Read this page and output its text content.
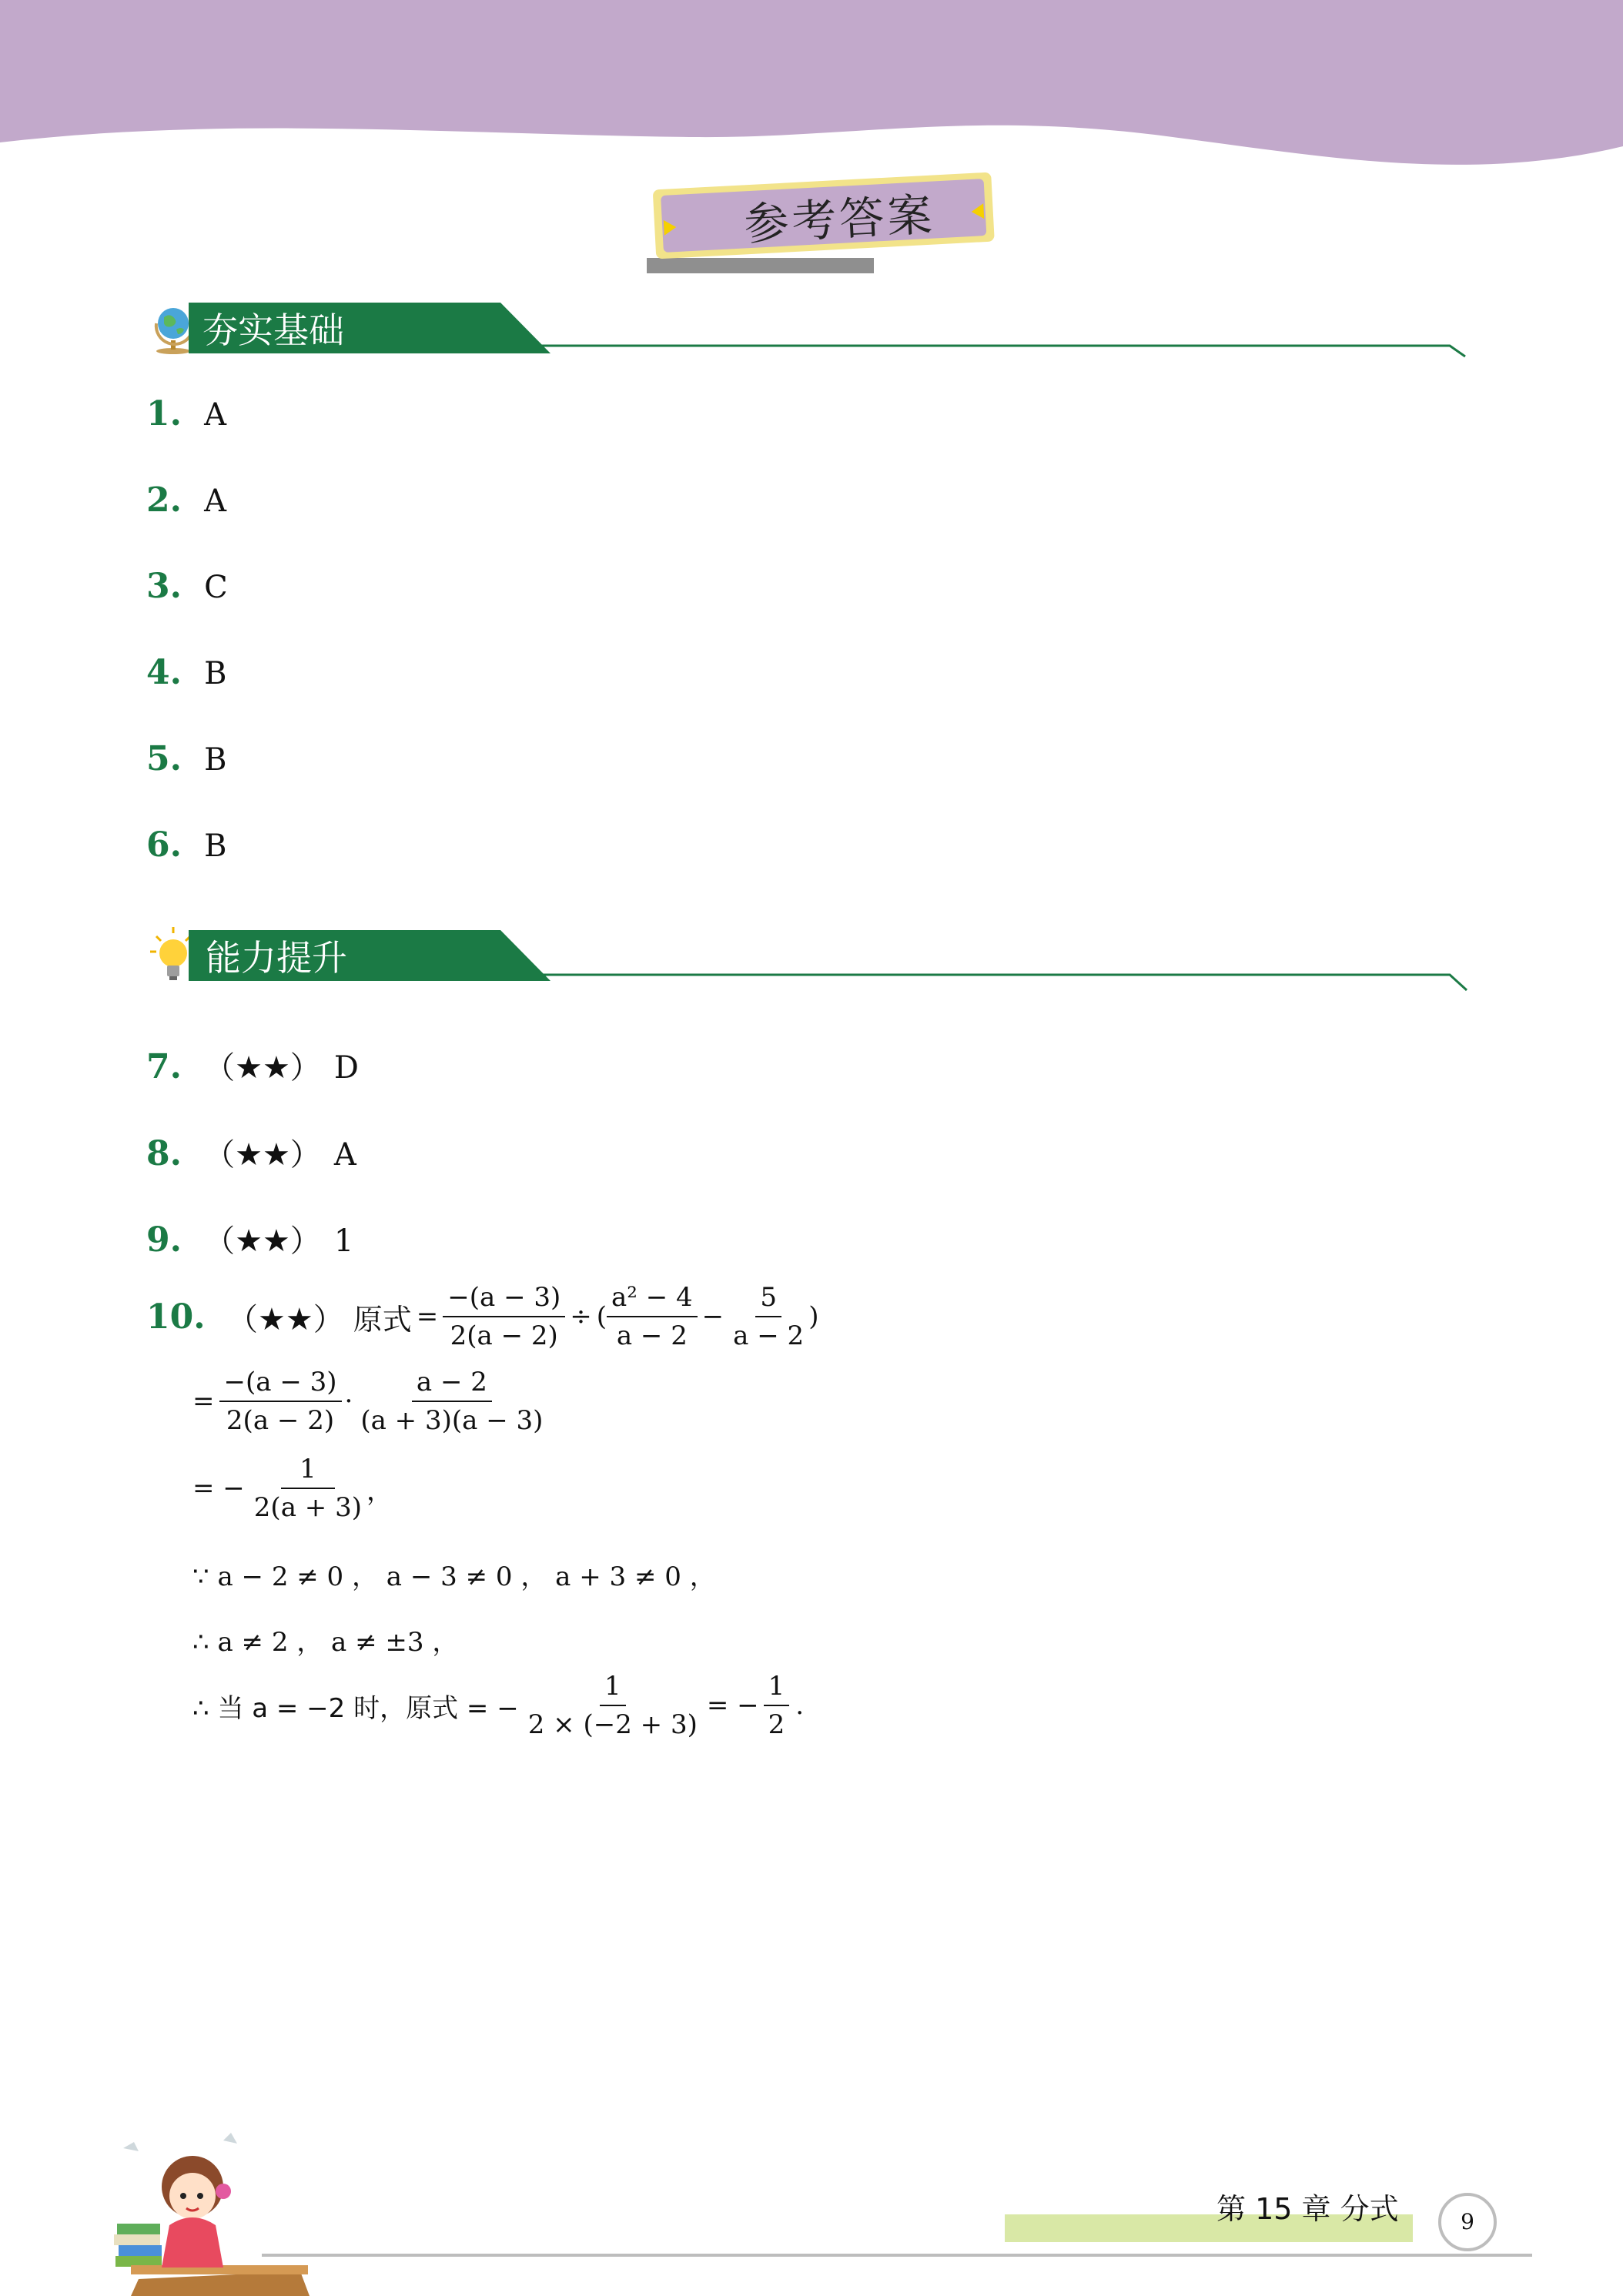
参考答案
夯实基础
1. A
2. A
3. C
4. B
5. B
6. B
能力提升
7. （★★） D
8. （★★） A
9. （★★） 1
10. （★★） 原式 = $\frac{-(a - 3)}{2(a - 2)}$ ÷ ( $\frac{\text{a² − 4}}{a - 2} - \frac{5}{a - 2}$ )
= $\frac{-(a - 3)}{2(a - 2)} \cdot \frac{a - 2}{(a + 3)(a - 3)}$
= − $\frac{1}{2(a + 3)}$ ，
∵ a − 2 ≠ 0 ， a − 3 ≠ 0 ， a + 3 ≠ 0 ，
∴ a ≠ 2 ， a ≠ ±3 ，
∴ 当 a = −2 时，原式 = − $\frac{1}{2 \times (-2 + 3)}$ = − $\frac{1}{2}$ .
第 15 章 分式	9
